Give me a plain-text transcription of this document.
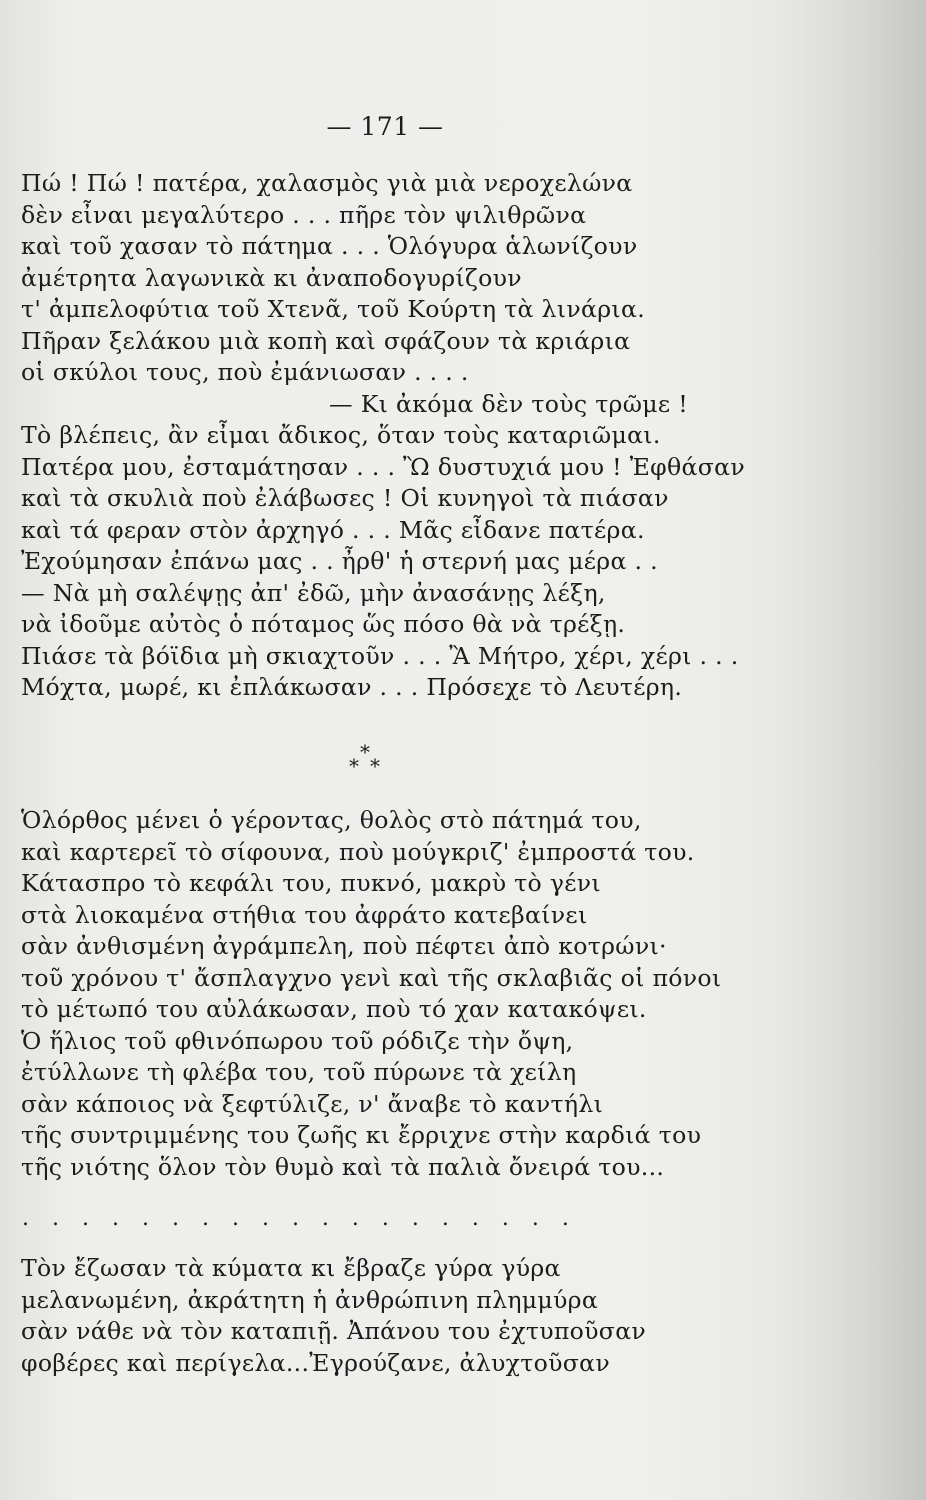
— 171 —
Πώ ! Πώ ! πατέρα, χαλασμὸς γιὰ μιὰ νεροχελώνα
δὲν εἶναι μεγαλύτερο . . . πῆρε τὸν ψιλιθρῶνα
καὶ τοῦ χασαν τὸ πάτημα . . . Ὁλόγυρα ἁλωνίζουν
ἀμέτρητα λαγωνικὰ κι ἀναποδογυρίζουν
τ' ἀμπελοφύτια τοῦ Χτενᾶ, τοῦ Κούρτη τὰ λινάρια.
Πῆραν ξελάκου μιὰ κοπὴ καὶ σφάζουν τὰ κριάρια
οἱ σκύλοι τους, ποὺ ἐμάνιωσαν . . . .
— Κι ἀκόμα δὲν τοὺς τρῶμε !
Τὸ βλέπεις, ἂν εἶμαι ἄδικος, ὅταν τοὺς καταριῶμαι.
Πατέρα μου, ἐσταμάτησαν . . . Ὢ δυστυχιά μου ! Ἐφθάσαν
καὶ τὰ σκυλιὰ ποὺ ἐλάβωσες ! Οἱ κυνηγοὶ τὰ πιάσαν
καὶ τά φεραν στὸν ἀρχηγό . . . Μᾶς εἶδανε πατέρα.
Ἐχούμησαν ἐπάνω μας . . ἦρθ' ἡ στερνή μας μέρα . .
— Νὰ μὴ σαλέψῃς ἀπ' ἐδῶ, μὴν ἀνασάνῃς λέξη,
νὰ ἰδοῦμε αὐτὸς ὁ πόταμος ὥς πόσο θὰ νὰ τρέξῃ.
Πιάσε τὰ βόϊδια μὴ σκιαχτοῦν . . . Ἂ Μήτρο, χέρι, χέρι . . .
Μόχτα, μωρέ, κι ἐπλάκωσαν . . . Πρόσεχε τὸ Λευτέρη.
*
* *
Ὁλόρθος μένει ὁ γέροντας, θολὸς στὸ πάτημά του,
καὶ καρτερεῖ τὸ σίφουνα, ποὺ μούγκριζ' ἐμπροστά του.
Κάτασπρο τὸ κεφάλι του, πυκνό, μακρὺ τὸ γένι
στὰ λιοκαμένα στήθια του ἀφράτο κατεβαίνει
σὰν ἀνθισμένη ἀγράμπελη, ποὺ πέφτει ἀπὸ κοτρώνι·
τοῦ χρόνου τ' ἄσπλαγχνο γενὶ καὶ τῆς σκλαβιᾶς οἱ πόνοι
τὸ μέτωπό του αὐλάκωσαν, ποὺ τό χαν κατακόψει.
Ὁ ἥλιος τοῦ φθινόπωρου τοῦ ρόδιζε τὴν ὄψη,
ἐτύλλωνε τὴ φλέβα του, τοῦ πύρωνε τὰ χείλη
σὰν κάποιος νὰ ξεφτύλιζε, ν' ἄναβε τὸ καντήλι
τῆς συντριμμένης του ζωῆς κι ἔρριχνε στὴν καρδιά του
τῆς νιότης ὅλον τὸν θυμὸ καὶ τὰ παλιὰ ὄνειρά του...
...................
Τὸν ἔζωσαν τὰ κύματα κι ἔβραζε γύρα γύρα
μελανωμένη, ἀκράτητη ἡ ἀνθρώπινη πλημμύρα
σὰν νάθε νὰ τὸν καταπιῇ. Ἀπάνου του ἐχτυποῦσαν
φοβέρες καὶ περίγελα...Ἐγρούζανε, ἀλυχτοῦσαν
